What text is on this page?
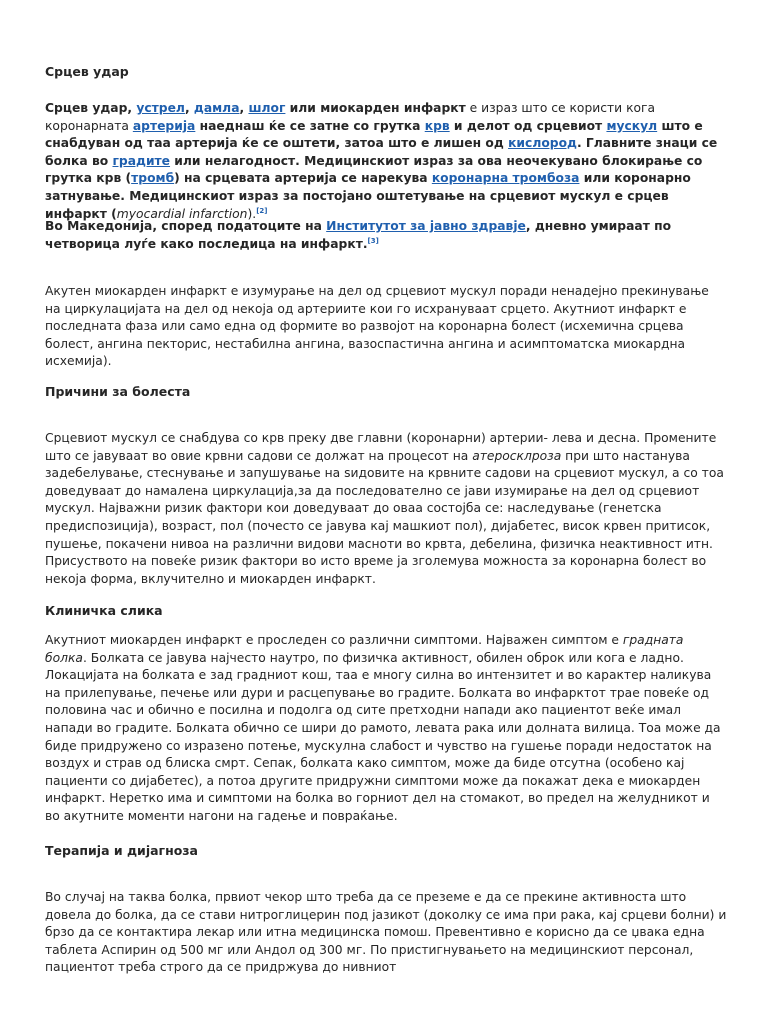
Срцев удар

Срцев удар, устрел, дамла, шлог или миокарден инфаркт е израз што се користи кога коронарната артерија наеднаш ќе се затне со грутка крв и делот од срцевиот мускул што е снабдуван од таа артерија ќе се оштети, затоа што е лишен од кислород. Главните знаци се болка во градите или нелагодност. Медицинскиот израз за ова неочекувано блокирање со грутка крв (тромб) на срцевата артерија се нарекува коронарна тромбоза или коронарно затнување. Медицинскиот израз за постојано оштетување на срцевиот мускул е срцев инфаркт (myocardial infarction).[2]

Во Македонија, според податоците на Институтот за јавно здравје, дневно умираат по четворица луѓе како последица на инфаркт.[3]

Акутен миокарден инфаркт е изумурање на дел од срцевиот мускул поради ненадејно прекинување на циркулацијата на дел од некоја од артериите кои го исхрануваат срцето. Акутниот инфаркт е последната фаза или само една од формите во развојот на коронарна болест (исхемична срцева болест, ангина пекторис, нестабилна ангина, вазоспастична ангина и асимптоматска миокардна исхемија).

Причини за болеста

Срцевиот мускул се снабдува со крв преку две главни (коронарни) артерии- лева и десна. Промените што се јавуваат во овие крвни садови се должат на процесот на атеросклроза при што настанува задебелување, стеснување и запушување на ѕидовите на крвните садови на срцевиот мускул, а со тоа доведуваат до намалена циркулација,за да последователно се јави изумирање на дел од срцевиот мускул. Најважни ризик фактори кои доведуваат до оваа состојба се: наследување (генетска предиспозиција), возраст, пол (почесто се јавува кај машкиот пол), дијабетес, висок крвен притисок, пушење, покачени нивоа на различни видови масноти во крвта, дебелина, физичка неактивност итн. Присуството на повеќе ризик фактори во исто време ја зголемува можноста за коронарна болест во некоја форма, вклучително и миокарден инфаркт.

Клиничка слика

Акутниот миокарден инфаркт е проследен со различни симптоми. Најважен симптом е градната болка. Болката се јавува најчесто наутро, по физичка активност, обилен оброк или кога е ладно. Локацијата на болката е зад градниот кош, таа е многу силна во интензитет и во карактер наликува на прилепување, печење или дури и расцепување во градите. Болката во инфарктот трае повеќе од половина час и обично е посилна и подолга од сите претходни напади ако пациентот веќе имал напади во градите. Болката обично се шири до рамото, левата рака или долната вилица. Тоа може да биде придружено со изразено потење, мускулна слабост и чувство на гушење поради недостаток на воздух и страв од блиска смрт. Сепак, болката како симптом, може да биде отсутна (особено кај пациенти со дијабетес), а потоа другите придружни симптоми може да покажат дека е миокарден инфаркт. Неретко има и симптоми на болка во горниот дел на стомакот, во предел на желудникот и во акутните моменти нагони на гадење и повраќање.

Терапија и дијагноза

Во случај на таква болка, првиот чекор што треба да се преземе е да се прекине активноста што довела до болка, да се стави нитроглицерин под јазикот (доколку се има при рака, кај срцеви болни) и брзо да се контактира лекар или итна медицинска помош. Превентивно е корисно да се џвака една таблета Аспирин од 500 мг или Андол од 300 мг. По пристигнувањето на медицинскиот персонал, пациентот треба строго да се придржува до нивниот
